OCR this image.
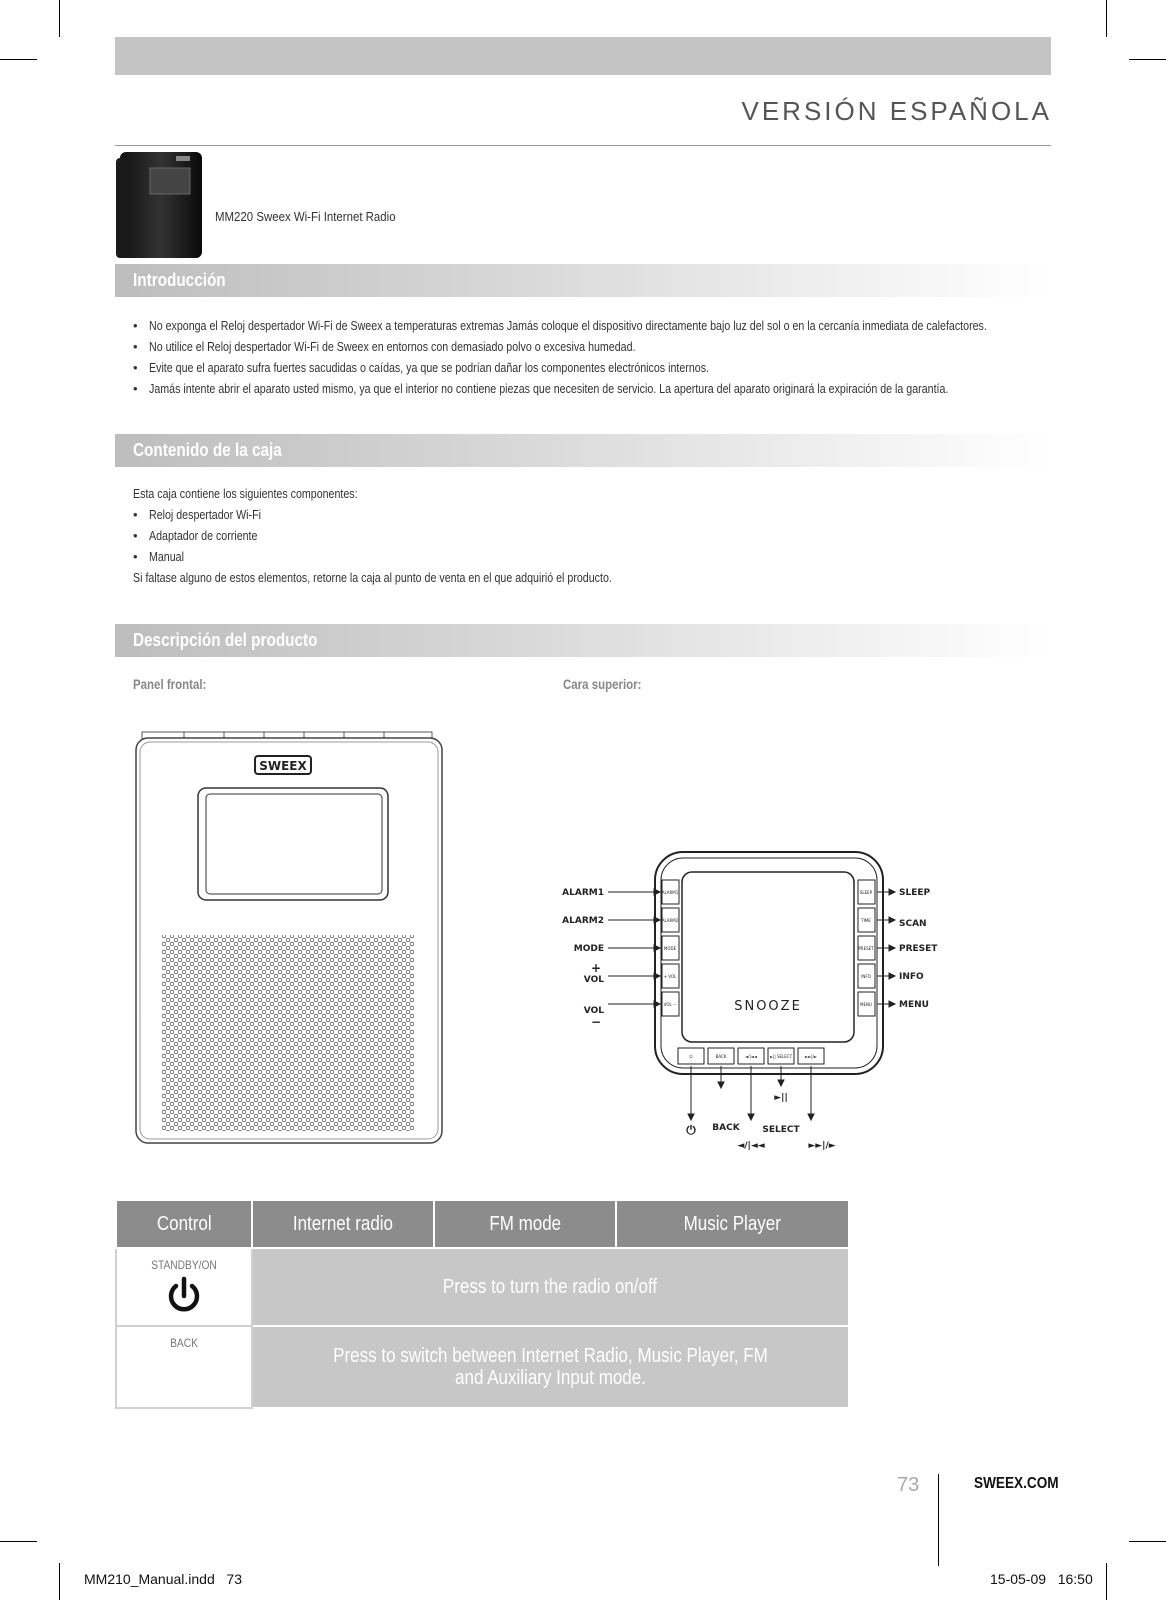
VERSIÓN ESPAÑOLA
MM220 Sweex Wi-Fi Internet Radio
Introducción
• No exponga el Reloj despertador Wi-Fi de Sweex a temperaturas extremas Jamás coloque el dispositivo directamente bajo luz del sol o en la cercanía inmediata de calefactores.
• No utilice el Reloj despertador Wi-Fi de Sweex en entornos con demasiado polvo o excesiva humedad.
• Evite que el aparato sufra fuertes sacudidas o caídas, ya que se podrían dañar los componentes electrónicos internos.
• Jamás intente abrir el aparato usted mismo, ya que el interior no contiene piezas que necesiten de servicio. La apertura del aparato originará la expiración de la garantía.
Contenido de la caja
Esta caja contiene los siguientes componentes:
• Reloj despertador Wi-Fi
• Adaptador de corriente
• Manual
Si faltase alguno de estos elementos, retorne la caja al punto de venta en el que adquirió el producto.
Descripción del producto
Panel frontal:	Cara superior:
SWEEX
SNOOZE
ALARM1
ALARM2
MODE
+ VOL
VOL −
SLEEP
TIME
PRESET
INFO
MENU
⏻	BACK	◄/|◄◄	►|| SELECT	►►|/►
ALARM1
ALARM2
MODE
+
VOL
VOL
−
SLEEP
SCAN
PRESET
INFO
MENU
⏻ BACK
◄/|◄◄
►||
SELECT
►►|/►
Control	Internet radio	FM mode	Music Player

STANDBY/ON	Press to turn the radio on/off		

BACK	Press to switch between Internet Radio, Music Player, FM and Auxiliary Input mode.		
73	SWEEX.COM
MM210_Manual.indd   73	15-05-09   16:50
